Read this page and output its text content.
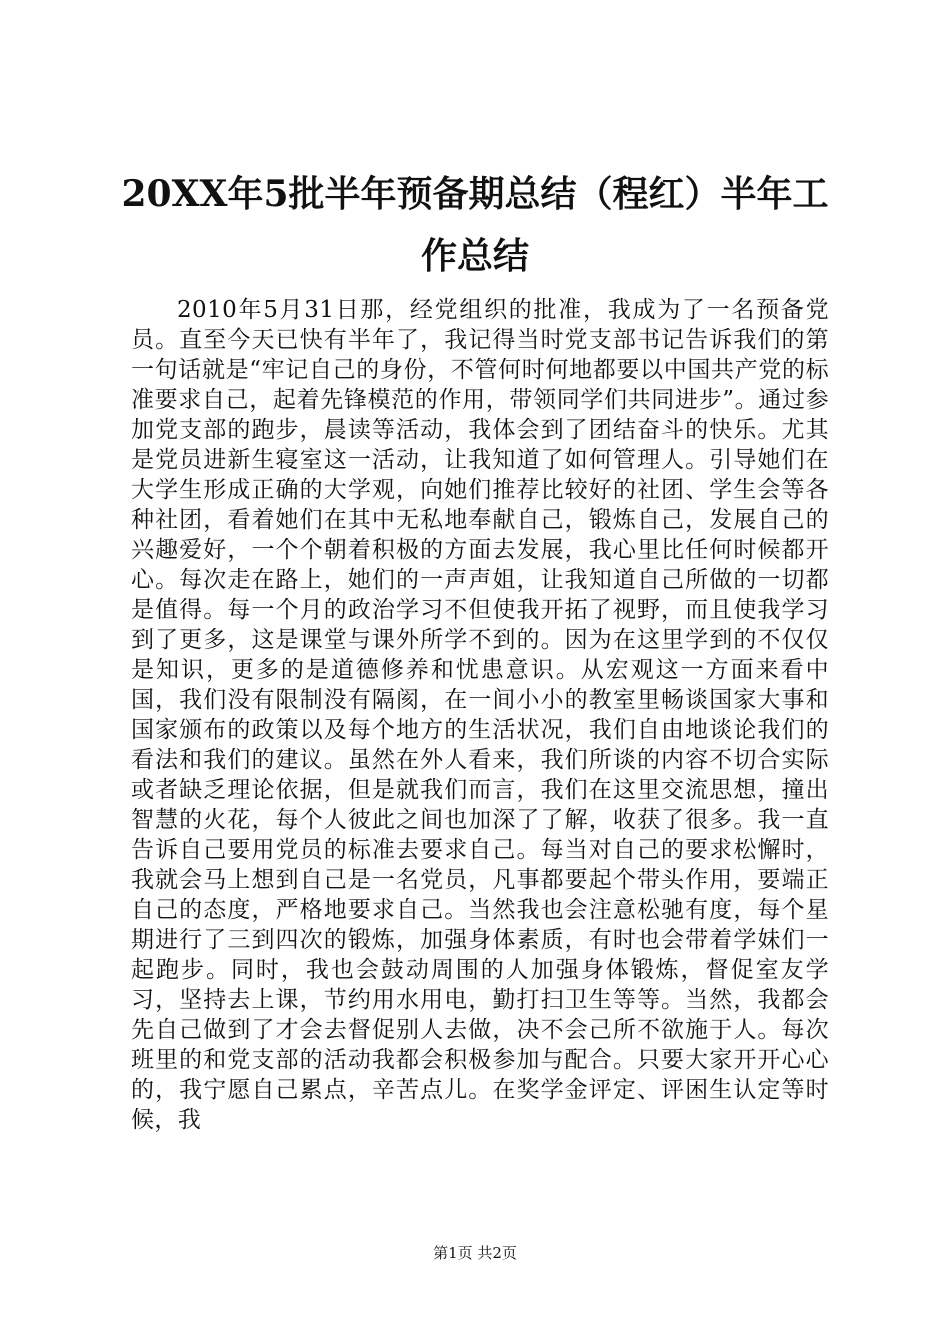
20XX年5批半年预备期总结（程红）半年工作总结

2010年5月31日那，经党组织的批准，我成为了一名预备党员。直至今天已快有半年了，我记得当时党支部书记告诉我们的第一句话就是“牢记自己的身份，不管何时何地都要以中国共产党的标准要求自己，起着先锋模范的作用，带领同学们共同进步”。通过参加党支部的跑步，晨读等活动，我体会到了团结奋斗的快乐。尤其是党员进新生寝室这一活动，让我知道了如何管理人。引导她们在大学生形成正确的大学观，向她们推荐比较好的社团、学生会等各种社团，看着她们在其中无私地奉献自己，锻炼自己，发展自己的兴趣爱好，一个个朝着积极的方面去发展，我心里比任何时候都开心。每次走在路上，她们的一声声姐，让我知道自己所做的一切都是值得。每一个月的政治学习不但使我开拓了视野，而且使我学习到了更多，这是课堂与课外所学不到的。因为在这里学到的不仅仅是知识，更多的是道德修养和忧患意识。从宏观这一方面来看中国，我们没有限制没有隔阂，在一间小小的教室里畅谈国家大事和国家颁布的政策以及每个地方的生活状况，我们自由地谈论我们的看法和我们的建议。虽然在外人看来，我们所谈的内容不切合实际或者缺乏理论依据，但是就我们而言，我们在这里交流思想，撞出智慧的火花，每个人彼此之间也加深了了解，收获了很多。我一直告诉自己要用党员的标准去要求自己。每当对自己的要求松懈时，我就会马上想到自己是一名党员，凡事都要起个带头作用，要端正自己的态度，严格地要求自己。当然我也会注意松驰有度，每个星期进行了三到四次的锻炼，加强身体素质，有时也会带着学妹们一起跑步。同时，我也会鼓动周围的人加强身体锻炼，督促室友学习，坚持去上课，节约用水用电，勤打扫卫生等等。当然，我都会先自己做到了才会去督促别人去做，决不会己所不欲施于人。每次班里的和党支部的活动我都会积极参加与配合。只要大家开开心心的，我宁愿自己累点，辛苦点儿。在奖学金评定、评困生认定等时候，我

第1页 共2页
